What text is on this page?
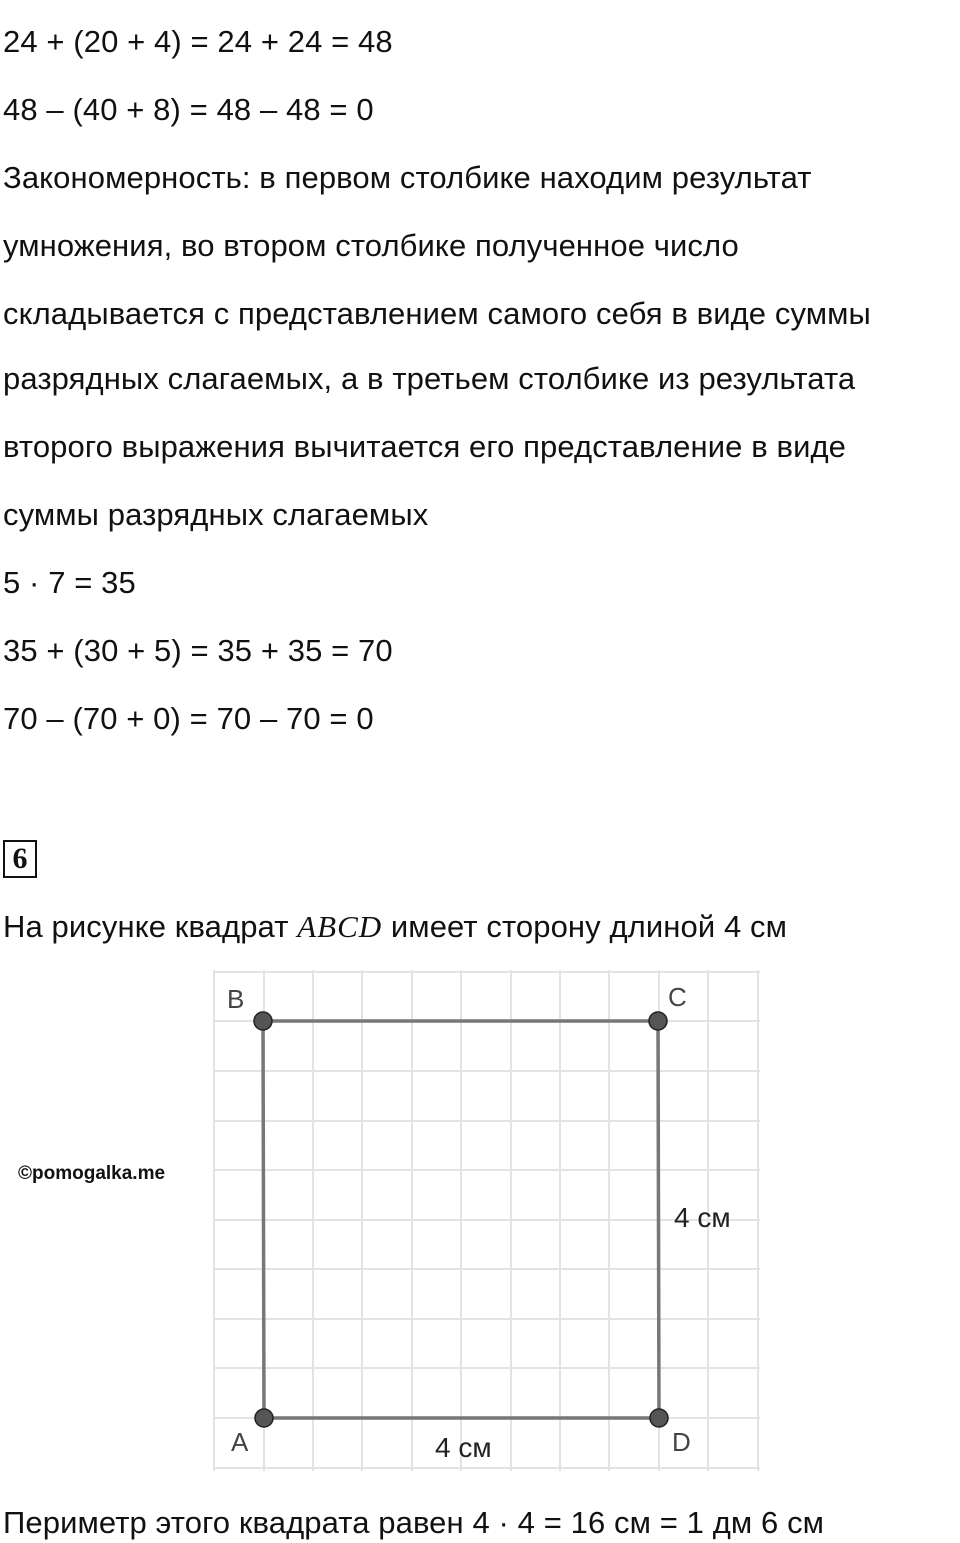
24 + (20 + 4) = 24 + 24 = 48
48 – (40 + 8) = 48 – 48 = 0
Закономерность: в первом столбике находим результат
умножения, во втором столбике полученное число
складывается с представлением самого себя в виде суммы
разрядных слагаемых, а в третьем столбике из результата
второго выражения вычитается его представление в виде
суммы разрядных слагаемых
5 · 7 = 35
35 + (30 + 5) = 35 + 35 = 70
70 – (70 + 0) = 70 – 70 = 0
6
На рисунке квадрат ABCD имеет сторону длиной 4 см
B	C
A	D
4 см
4 см
©pomogalka.me
Периметр этого квадрата равен 4 · 4 = 16 см = 1 дм 6 см
